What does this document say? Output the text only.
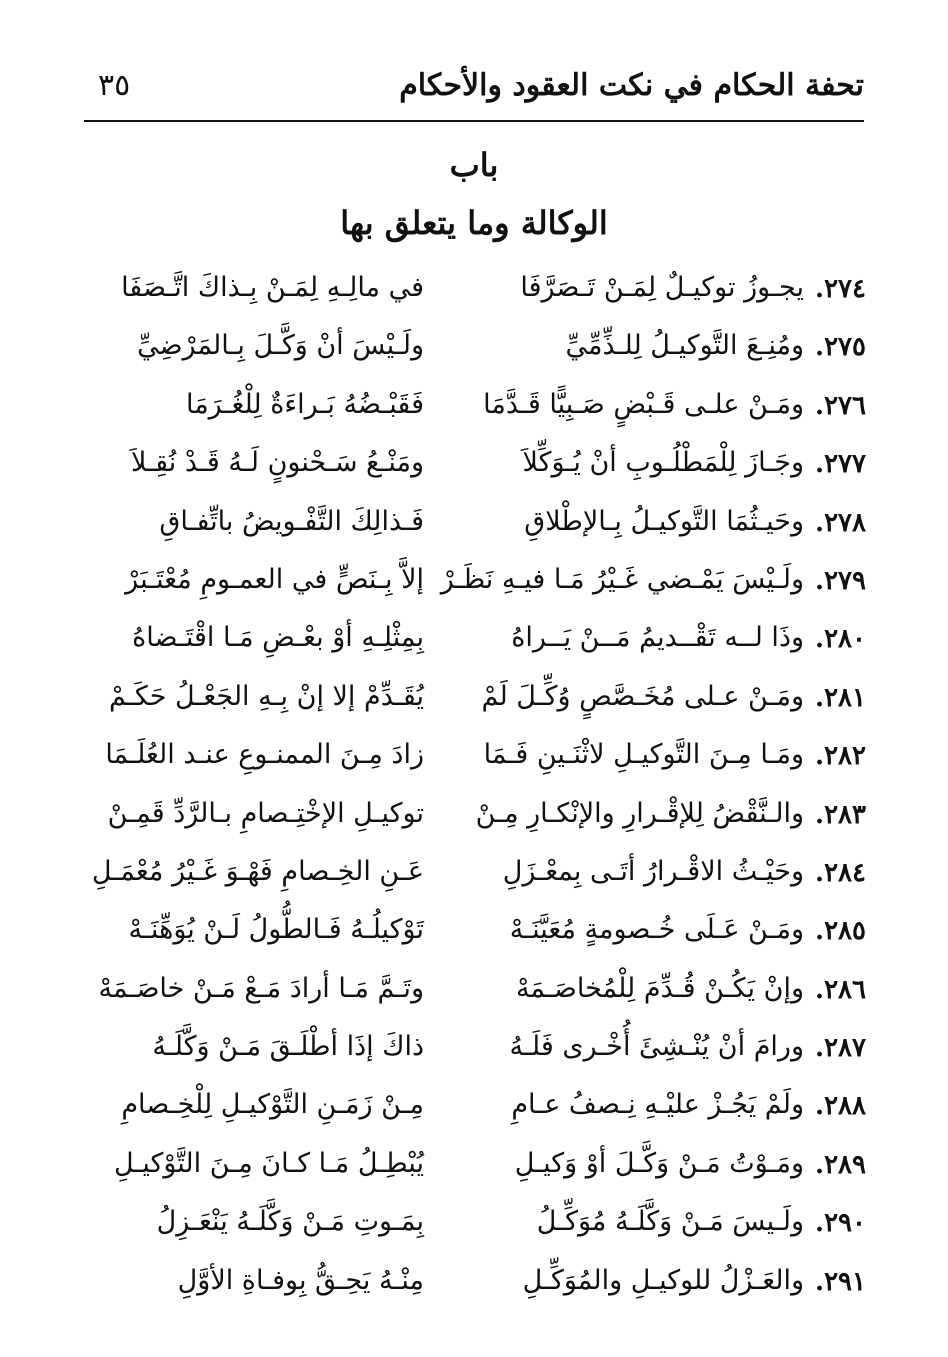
تحفة الحكام في نكت العقود والأحكام
٣٥
باب
الوكالة وما يتعلق بها
٢٧٤.
يجـوزُ توكيـلٌ لِمَـنْ تَـصَرَّفَا
في مالِـهِ لِمَـنْ بِـذاكَ اتَّـصَفَا
٢٧٥.
ومُنِـعَ التَّوكيـلُ لِلـذِّمِّيِّ
ولَـيْسَ أنْ وَكَّـلَ بِـالمَرْضِيِّ
٢٧٦.
ومَـنْ علـى قَـبْضٍ صَـبِيًّا قَـدَّمَا
فَقَبْـضُهُ بَـراءَةٌ لِلْغُـرَمَا
٢٧٧.
وجَـازَ لِلْمَطْلُـوبِ أنْ يُـوَكِّلاَ
ومَنْـعُ سَـحْنونٍ لَـهُ قَـدْ نُقِـلاَ
٢٧٨.
وحَيـثُمَا التَّوكيـلُ بِـالإطْلاقِ
فَـذالِكَ التَّفْـويضُ باتِّفـاقِ
٢٧٩.
ولَـيْسَ يَمْـضي غَـيْرُ مَـا فيـهِ نَظَـرْ
إلاَّ بِـنَصٍّ في العمـومِ مُعْتَـبَرْ
٢٨٠.
وذَا لــه تَقْــديمُ مَــنْ يَــراهُ
بِمِثْلِـهِ أوْ بعْـضِ مَـا اقْتَـضاهُ
٢٨١.
ومَـنْ عـلى مُخَـصَّصٍ وُكِّـلَ لَمْ
يُقَـدِّمْ إلا إنْ بِـهِ الجَعْـلُ حَكَـمْ
٢٨٢.
ومَـا مِـنَ التَّوكيـلِ لاثْنَـينِ فَـمَا
زادَ مِـنَ الممنـوعِ عنـد العُلَـمَا
٢٨٣.
والـنَّقْضُ لِلإقْـرارِ والإنْكـارِ مِـنْ
توكيـلِ الإخْتِـصامِ بـالرَّدِّ قَمِـنْ
٢٨٤.
وحَيْـثُ الاقْـرارُ أتَـى بِمعْـزَلِ
عَـنِ الخِـصامِ فَهْـوَ غَـيْرُ مُعْمَـلِ
٢٨٥.
ومَـنْ عَـلَى خُـصومةٍ مُعَيَّنَـهْ
تَوْكيلُـهُ فَـالطُّولُ لَـنْ يُوَهِّنَـهْ
٢٨٦.
وإنْ يَكُـنْ قُـدِّمَ لِلْمُخاصَـمَهْ
وتَـمَّ مَـا أرادَ مَـعْ مَـنْ خاصَـمَهْ
٢٨٧.
ورامَ أنْ يُنْـشِئَ أُخْـرى فَلَـهُ
ذاكَ إذَا أطْلَـقَ مَـنْ وَكَّلَـهُ
٢٨٨.
ولَمْ يَجُـزْ عليْـهِ نِـصفُ عـامِ
مِـنْ زَمَـنِ التَّوْكيـلِ لِلْخِـصامِ
٢٨٩.
ومَـوْتُ مَـنْ وَكَّـلَ أوْ وَكيـلِ
يُبْطِـلُ مَـا كـانَ مِـنَ التَّوْكيـلِ
٢٩٠.
ولَـيسَ مَـنْ وَكَّلَـهُ مُوَكِّـلُ
بِمَـوتِ مَـنْ وَكَّلَـهُ يَنْعَـزِلُ
٢٩١.
والعَـزْلُ للوكيـلِ والمُوَكِّـلِ
مِنْـهُ يَحِـقُّ بِوفـاةِ الأوَّلِ
